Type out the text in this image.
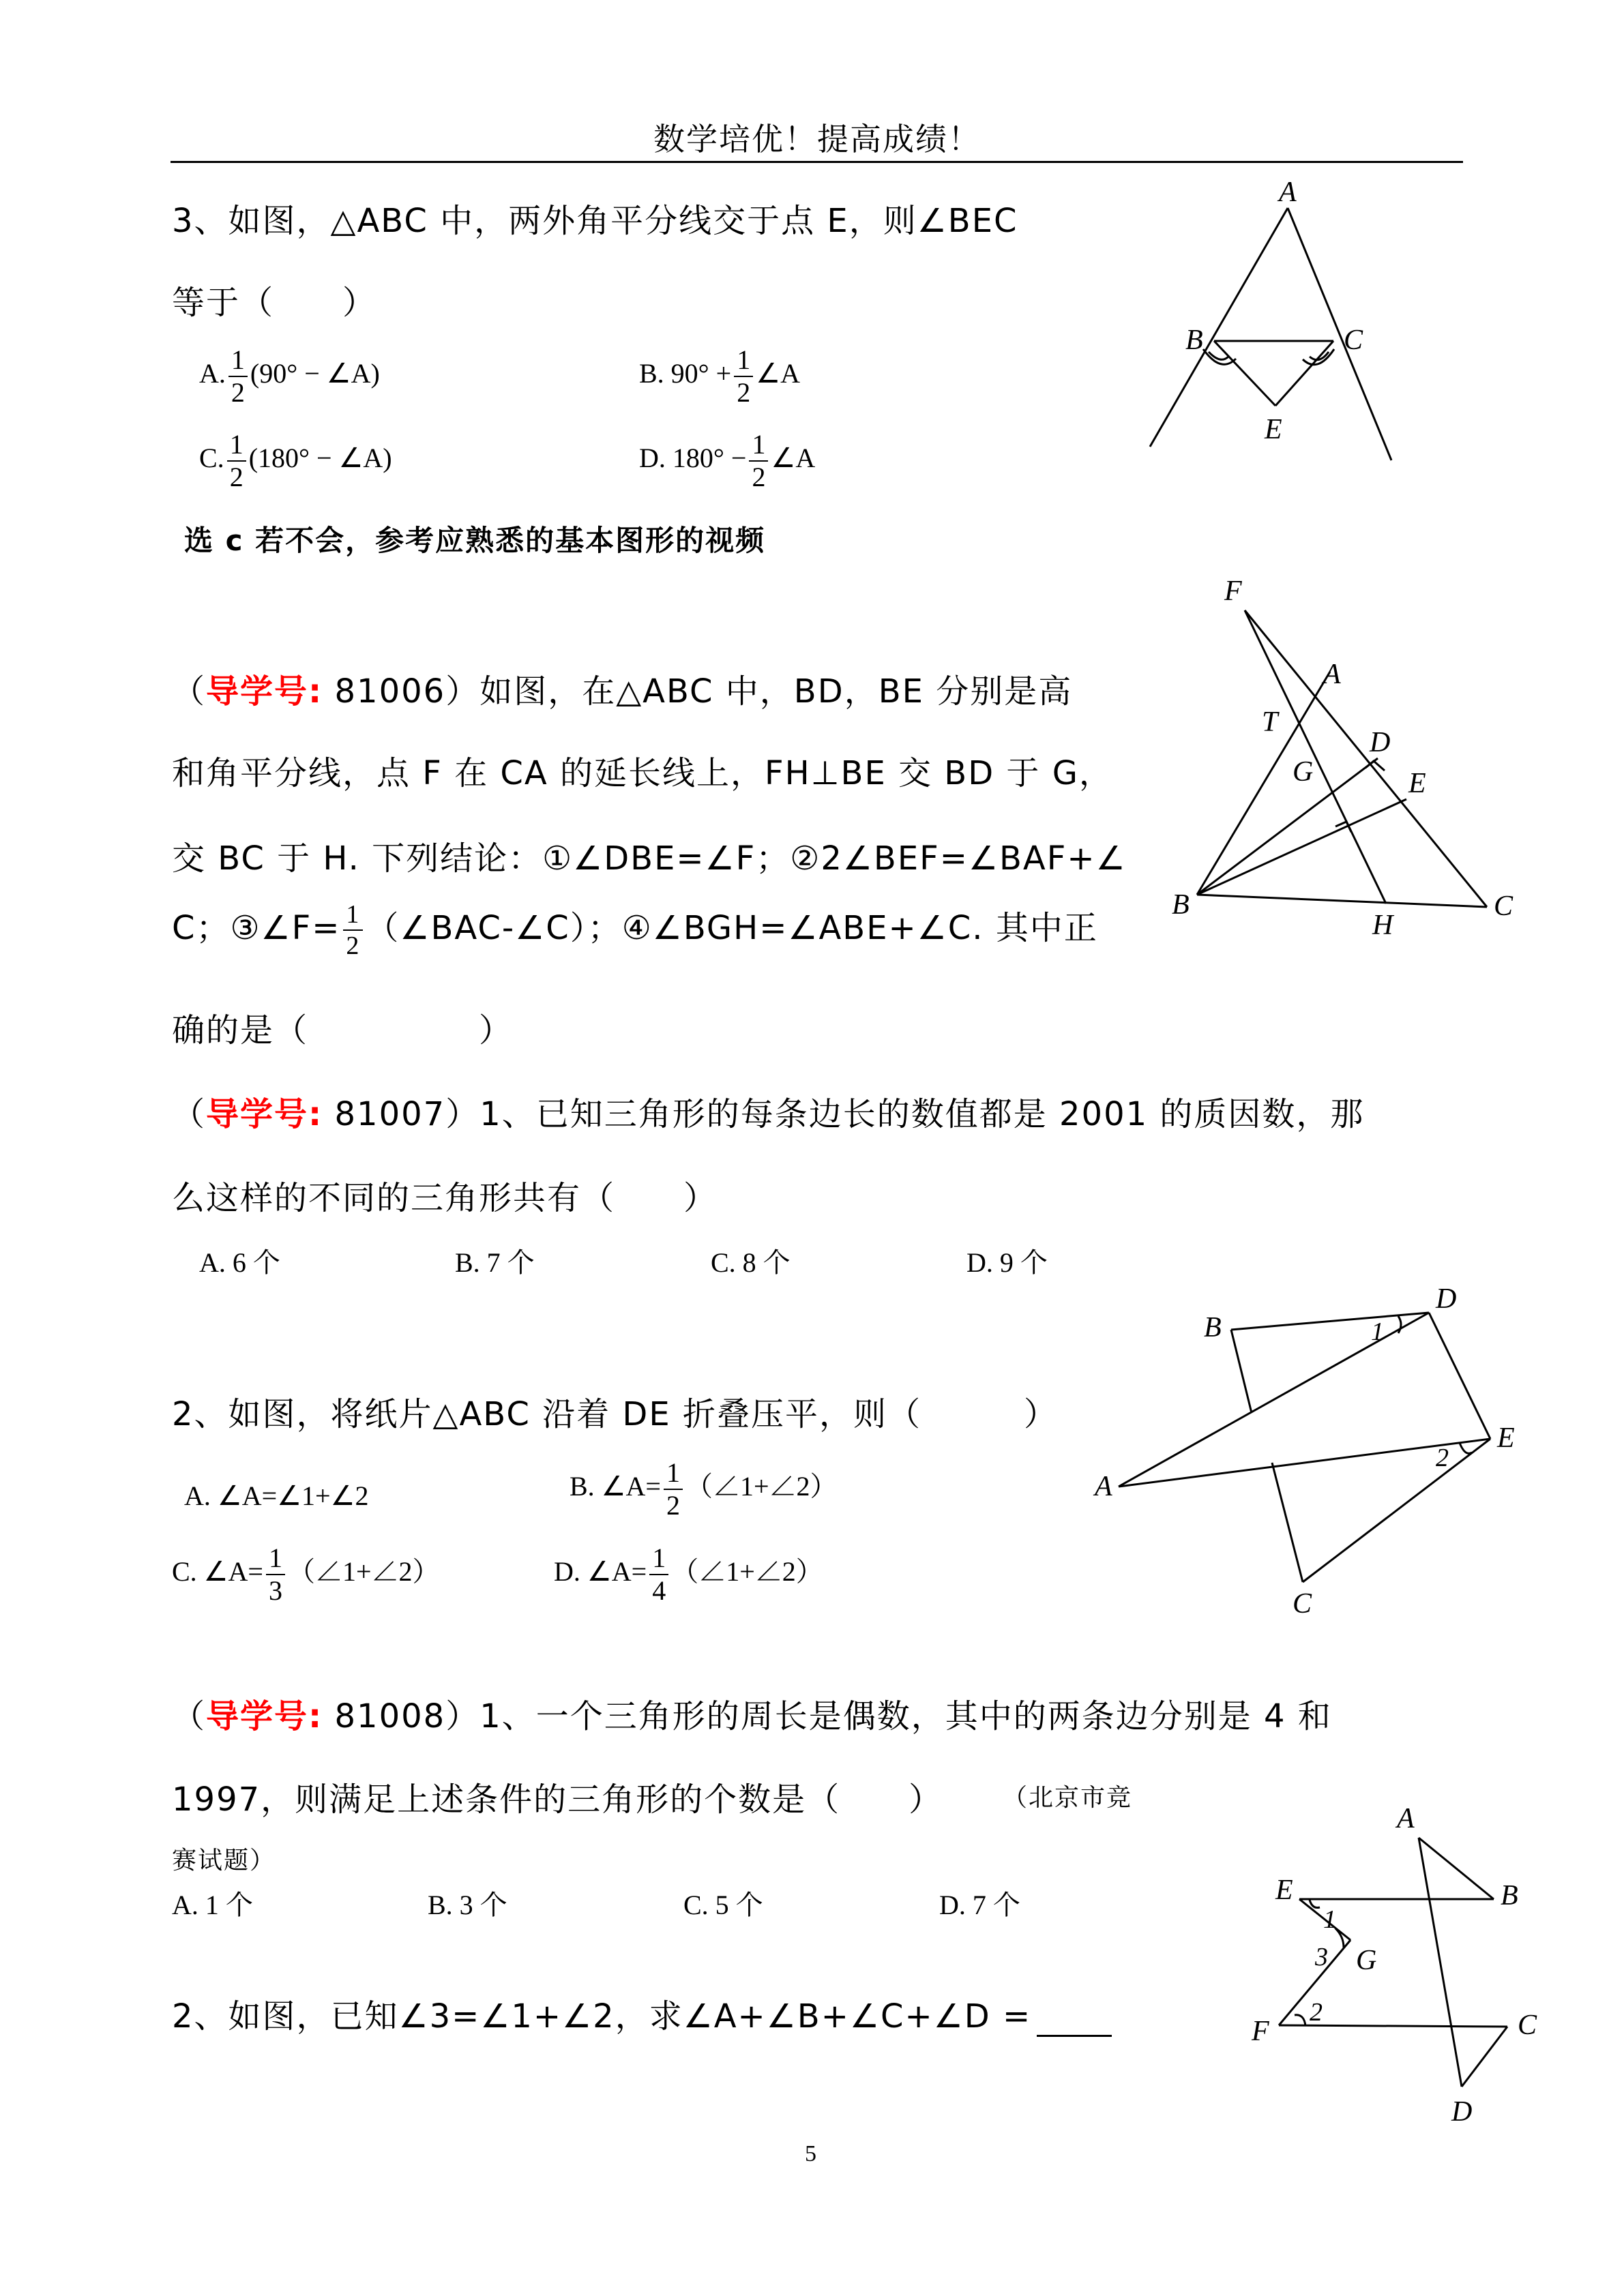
数学培优！提高成绩！
3、如图，△ABC 中，两外角平分线交于点 E，则∠BEC
等于（　　）
A. $\frac{1}{2} (90^\circ$ − ∠A)	B. $90^\circ + \frac{1}{2}$ ∠A
C. $\frac{1}{2} (180^\circ$ − ∠A)	D. $180^\circ - \frac{1}{2}$ ∠A
选 c 若不会，参考应熟悉的基本图形的视频
A
B	C
E
（导学号: 81006）如图，在△ABC 中，BD，BE 分别是高
和角平分线，点 F 在 CA 的延长线上，FH⊥BE 交 BD 于 G，
交 BC 于 H. 下列结论：①∠DBE=∠F；②2∠BEF=∠BAF+∠
C；③∠F= $\frac{1}{2}$ （∠BAC-∠C）；④∠BGH=∠ABE+∠C. 其中正
确的是（　　　　　）
F
A
T
D
G	E
B
H
C
（导学号: 81007）1、已知三角形的每条边长的数值都是 2001 的质因数，那
么这样的不同的三角形共有（　　）
A. 6 个	B. 7 个	C. 8 个	D. 9 个
2、如图，将纸片△ABC 沿着 DE 折叠压平，则（　　　）
A. ∠A=∠1+∠2	B. ∠A= $\frac{1}{2}$ （∠1+∠2）
C. ∠A= $\frac{1}{3}$ （∠1+∠2）	D. ∠A= $\frac{1}{4}$ （∠1+∠2）
B
D
1
E
2
A
C
（导学号: 81008）1、一个三角形的周长是偶数，其中的两条边分别是 4 和
1997，则满足上述条件的三角形的个数是（　　） （北京市竞
赛试题）
A. 1 个	B. 3 个	C. 5 个	D. 7 个
2、如图，已知∠3=∠1+∠2，求∠A+∠B+∠C+∠D =
A
E
1
B
3 G
F
2	C
D
5
